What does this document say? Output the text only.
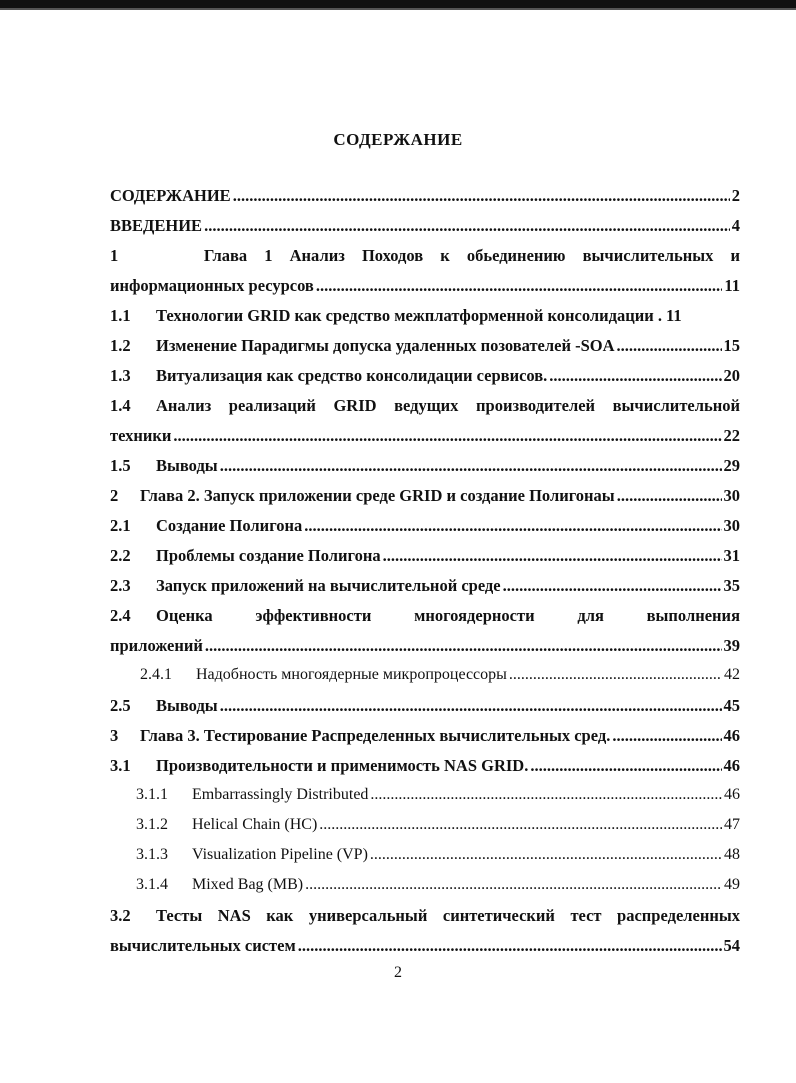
СОДЕРЖАНИЕ
СОДЕРЖАНИЕ .....	2
ВВЕДЕНИЕ .....	4
1	Глава 1 Анализ Походов к обьединению вычислительных и
информационных ресурсов .....	11
1.1	Технологии GRID как средство межплатформенной консолидации . 11
1.2	Изменение Парадигмы допуска удаленных позователей -SOA .....	15
1.3	Витуализация как средство консолидации сервисов. .....	20
1.4	Анализ реализаций GRID ведущих производителей вычислительной
техники .....	22
1.5	Выводы .....	29
2	Глава 2. Запуск приложении среде GRID и создание Полигонаы .....	30
2.1	Создание Полигона .....	30
2.2	Проблемы создание Полигона .....	31
2.3	Запуск приложений на вычислительной среде .....	35
2.4	Оценка эффективности многоядерности для выполнения
приложений .....	39
2.4.1	Надобность многоядерные микропроцессоры .....	42
2.5	Выводы .....	45
3	Глава 3. Тестирование Распределенных вычислительных сред. .....	46
3.1	Производительности и применимость NAS GRID. .....	46
3.1.1	Embarrassingly Distributed .....	46
3.1.2	Helical Chain (HC) .....	47
3.1.3	Visualization Pipeline (VP) .....	48
3.1.4	Mixed Bag (MB) .....	49
3.2	Тесты NAS как универсальный синтетический тест распределенных
вычислительных систем .....	54
2
